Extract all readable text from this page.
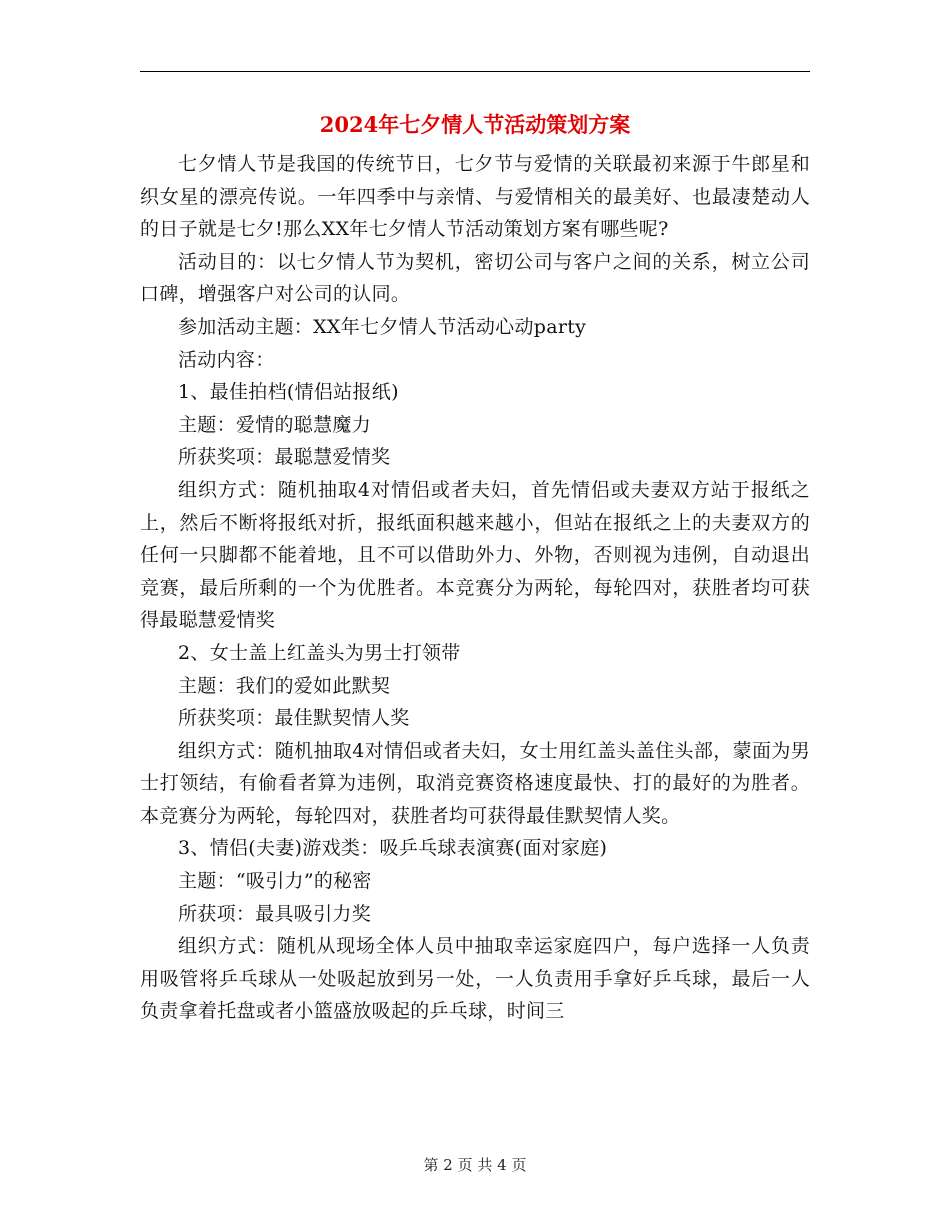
2024年七夕情人节活动策划方案

七夕情人节是我国的传统节日，七夕节与爱情的关联最初来源于牛郎星和织女星的漂亮传说。一年四季中与亲情、与爱情相关的最美好、也最凄楚动人的日子就是七夕!那么XX年七夕情人节活动策划方案有哪些呢?

活动目的：以七夕情人节为契机，密切公司与客户之间的关系，树立公司口碑，增强客户对公司的认同。

参加活动主题：XX年七夕情人节活动心动party

活动内容：

1、最佳拍档(情侣站报纸)

主题：爱情的聪慧魔力

所获奖项：最聪慧爱情奖

组织方式：随机抽取4对情侣或者夫妇，首先情侣或夫妻双方站于报纸之上，然后不断将报纸对折，报纸面积越来越小，但站在报纸之上的夫妻双方的任何一只脚都不能着地，且不可以借助外力、外物，否则视为违例，自动退出竞赛，最后所剩的一个为优胜者。本竞赛分为两轮，每轮四对，获胜者均可获得最聪慧爱情奖

2、女士盖上红盖头为男士打领带

主题：我们的爱如此默契

所获奖项：最佳默契情人奖

组织方式：随机抽取4对情侣或者夫妇，女士用红盖头盖住头部，蒙面为男士打领结，有偷看者算为违例，取消竞赛资格速度最快、打的最好的为胜者。本竞赛分为两轮，每轮四对，获胜者均可获得最佳默契情人奖。

3、情侣(夫妻)游戏类：吸乒乓球表演赛(面对家庭)

主题：“吸引力”的秘密

所获项：最具吸引力奖

组织方式：随机从现场全体人员中抽取幸运家庭四户，每户选择一人负责用吸管将乒乓球从一处吸起放到另一处，一人负责用手拿好乒乓球，最后一人负责拿着托盘或者小篮盛放吸起的乒乓球，时间三

第 2 页 共 4 页
